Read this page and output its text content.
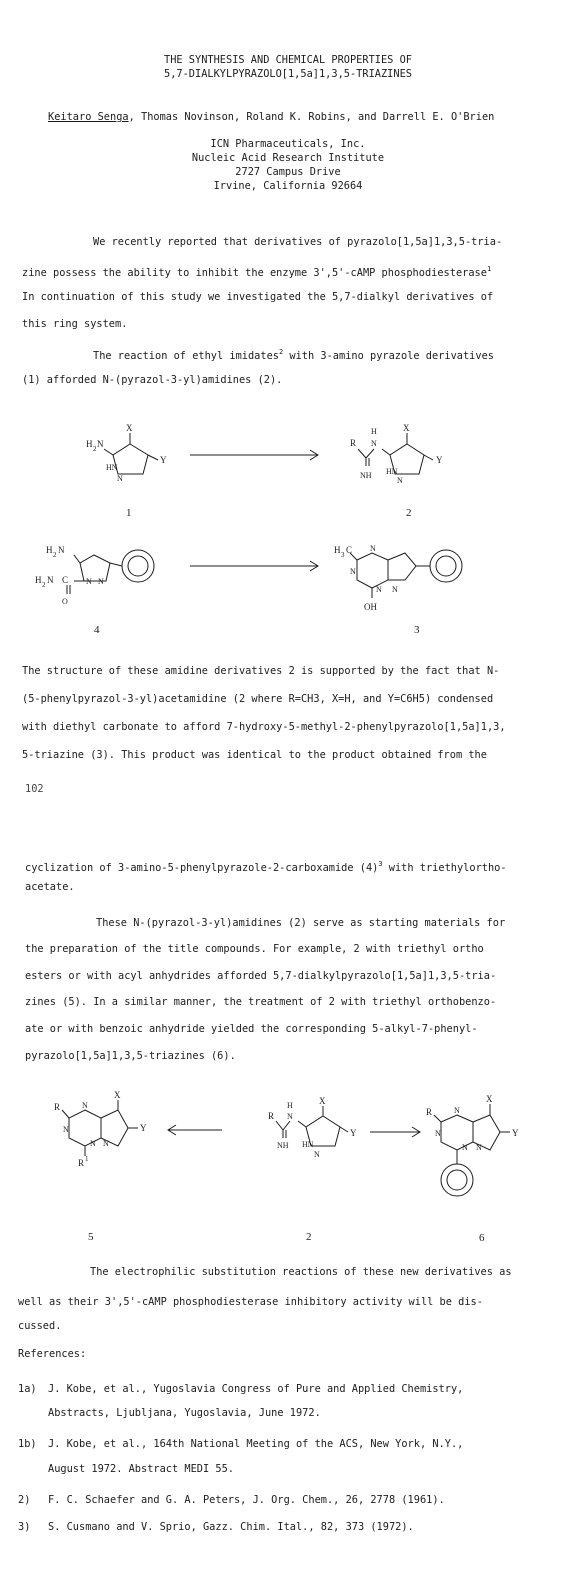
THE SYNTHESIS AND CHEMICAL PROPERTIES OF
5,7-DIALKYLPYRAZOLO[1,5a]1,3,5-TRIAZINES
Keitaro Senga, Thomas Novinson, Roland K. Robins, and Darrell E. O'Brien
ICN Pharmaceuticals, Inc.
Nucleic Acid Research Institute
2727 Campus Drive
Irvine, California 92664
We recently reported that derivatives of pyrazolo[1,5a]1,3,5-tria-
zine possess the ability to inhibit the enzyme 3',5'-cAMP phosphodiesterase$^1$
In continuation of this study we investigated the 5,7-dialkyl derivatives of
this ring system.
The reaction of ethyl imidates$^2$ with 3-amino pyrazole derivatives
(1) afforded N-(pyrazol-3-yl)amidines (2).
The structure of these amidine derivatives 2 is supported by the fact that N-
(5-phenylpyrazol-3-yl)acetamidine (2 where R=CH3, X=H, and Y=C6H5) condensed
with diethyl carbonate to afford 7-hydroxy-5-methyl-2-phenylpyrazolo[1,5a]1,3,
5-triazine (3). This product was identical to the product obtained from the
102
cyclization of 3-amino-5-phenylpyrazole-2-carboxamide $(4)^3$ with triethylortho-
acetate.
These N-(pyrazol-3-yl)amidines (2) serve as starting materials for
the preparation of the title compounds. For example, 2 with triethyl ortho
esters or with acyl anhydrides afforded 5,7-dialkylpyrazolo[1,5a]1,3,5-tria-
zines (5). In a similar manner, the treatment of 2 with triethyl orthobenzo-
ate or with benzoic anhydride yielded the corresponding 5-alkyl-7-phenyl-
pyrazolo[1,5a]1,3,5-triazines (6).
The electrophilic substitution reactions of these new derivatives as
well as their 3',5'-cAMP phosphodiesterase inhibitory activity will be dis-
cussed.
References:
1a) J. Kobe, et al., Yugoslavia Congress of Pure and Applied Chemistry,
Abstracts, Ljubljana, Yugoslavia, June 1972.
1b) J. Kobe, et al., 164th National Meeting of the ACS, New York, N.Y.,
August 1972. Abstract MEDI 55.
2) F. C. Schaefer and G. A. Peters, J. Org. Chem., 26, 2778 (1961).
3) S. Cusmano and V. Sprio, Gazz. Chim. Ital., 82, 373 (1972).
X
Y
H 2 N
HN
N
1
X
Y
H
N
R
NH HN
N
2
H 2 N
H 2 N C
O
N N
4
H 3 C N
N
N N
OH
3
R	N
N
N N
X
Y
R 1
5
X
Y
H
N
R
NH HN
N
2
R	N
N
N N
X
Y
6
